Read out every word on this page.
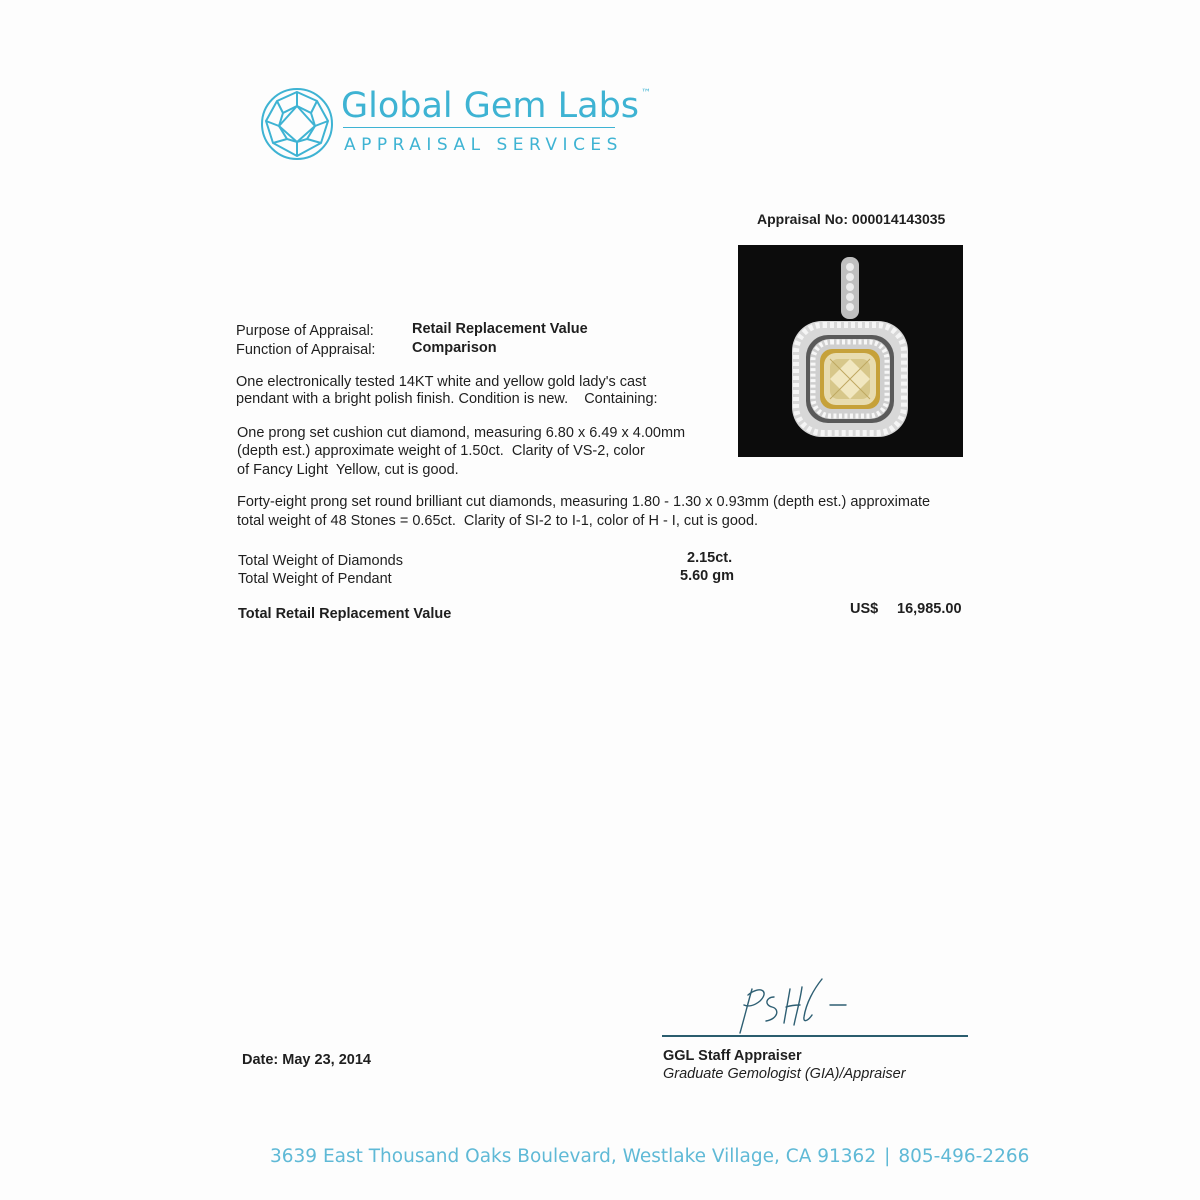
Global Gem Labs ™
APPRAISAL SERVICES
Appraisal No: 000014143035
Purpose of Appraisal:	Retail Replacement Value
Function of Appraisal:	Comparison
One electronically tested 14KT white and yellow gold lady's cast
pendant with a bright polish finish. Condition is new.    Containing:
One prong set cushion cut diamond, measuring 6.80 x 6.49 x 4.00mm
(depth est.) approximate weight of 1.50ct.  Clarity of VS-2, color
of Fancy Light  Yellow, cut is good.
Forty-eight prong set round brilliant cut diamonds, measuring 1.80 - 1.30 x 0.93mm (depth est.) approximate
total weight of 48 Stones = 0.65ct.  Clarity of SI-2 to I-1, color of H - I, cut is good.
Total Weight of Diamonds	2.15ct.
Total Weight of Pendant	5.60 gm
Total Retail Replacement Value	US$ 16,985.00
GGL Staff Appraiser
Graduate Gemologist (GIA)/Appraiser
Date: May 23, 2014
3639 East Thousand Oaks Boulevard, Westlake Village, CA 91362 | 805-496-2266
